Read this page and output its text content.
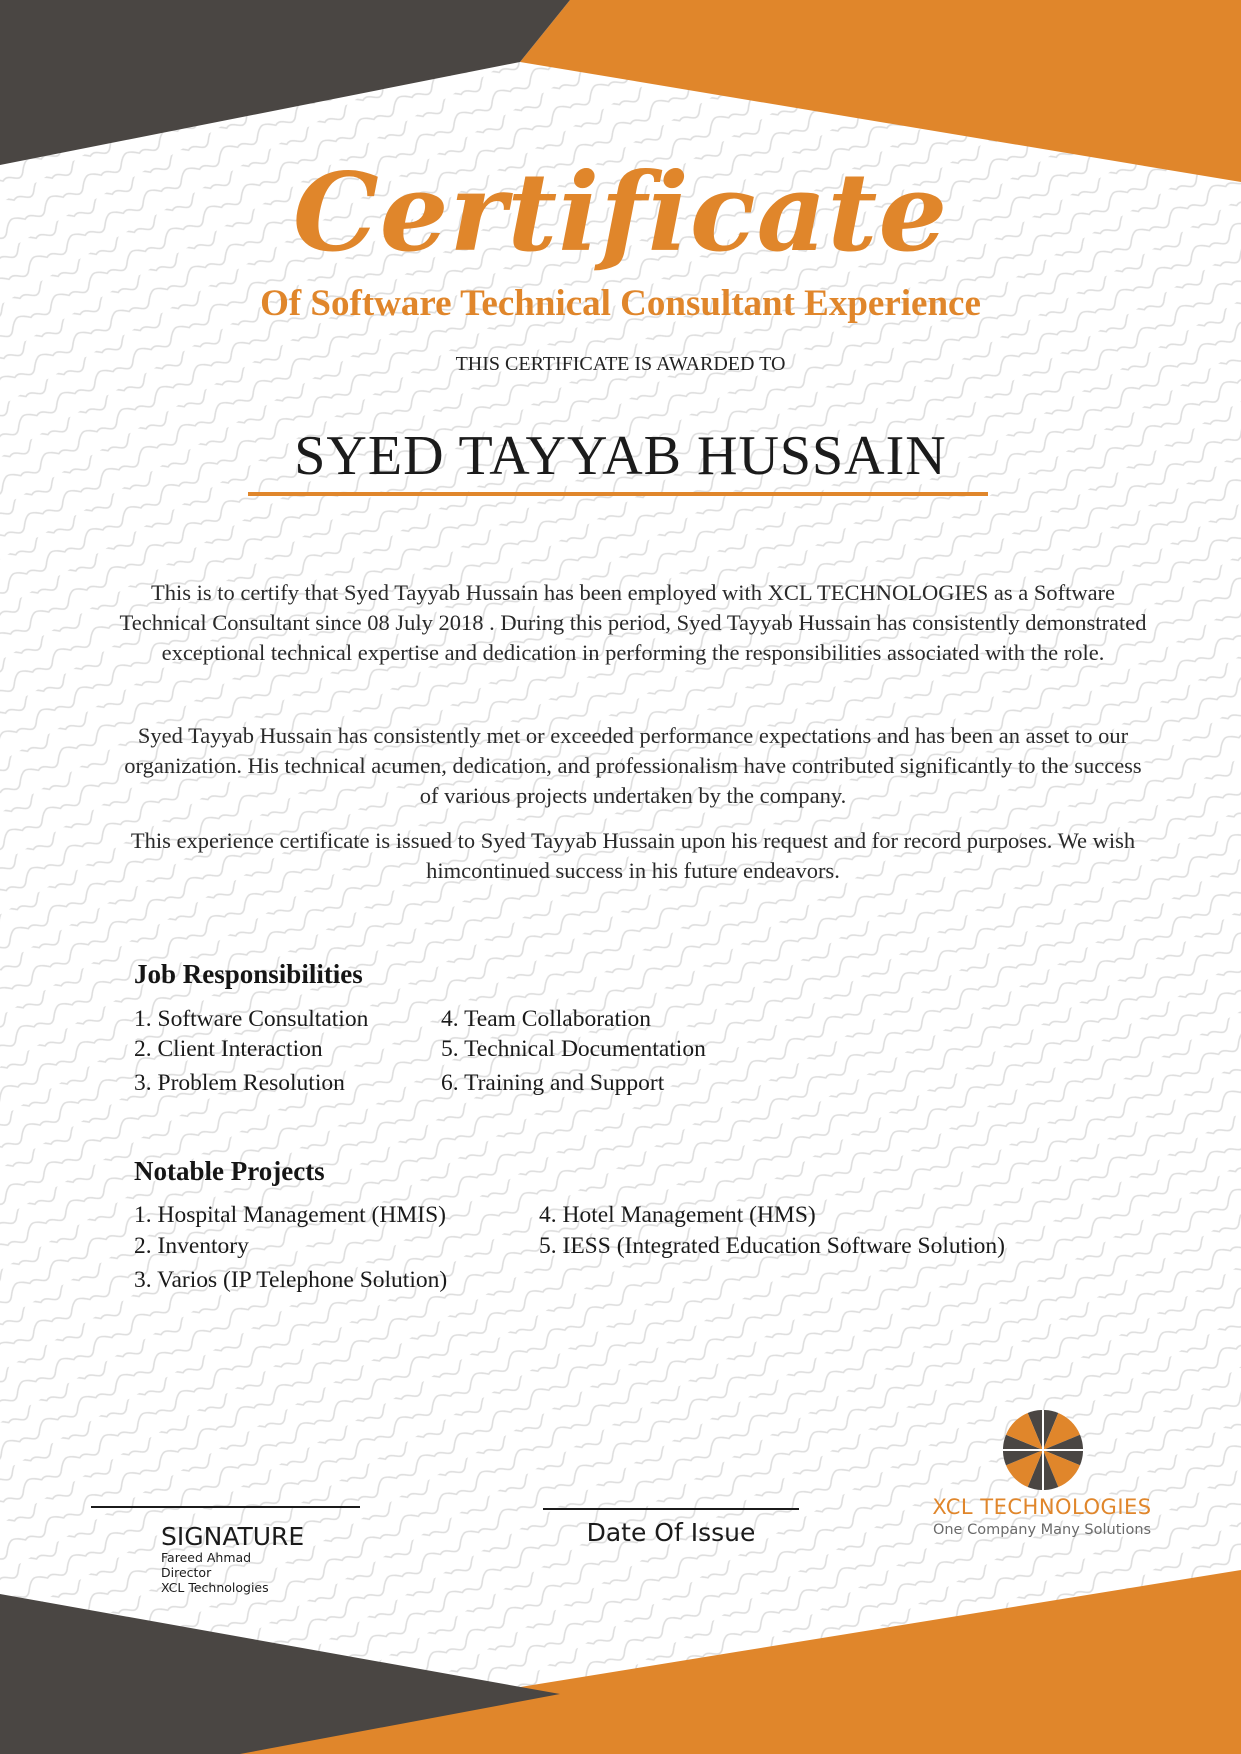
Certificate
Of Software Technical Consultant Experience
THIS CERTIFICATE IS AWARDED TO
SYED TAYYAB HUSSAIN
This is to certify that Syed Tayyab Hussain has been employed with XCL TECHNOLOGIES as a Software Technical Consultant since 08 July 2018 . During this period, Syed Tayyab Hussain has consistently demonstrated exceptional technical expertise and dedication in performing the responsibilities associated with the role.
Syed Tayyab Hussain has consistently met or exceeded performance expectations and has been an asset to our organization. His technical acumen, dedication, and professionalism have contributed significantly to the success of various projects undertaken by the company.
This experience certificate is issued to Syed Tayyab Hussain upon his request and for record purposes. We wish himcontinued success in his future endeavors.
Job Responsibilities
1. Software Consultation
2. Client Interaction
3. Problem Resolution
4. Team Collaboration
5. Technical Documentation
6. Training and Support
Notable Projects
1. Hospital Management (HMIS)
2. Inventory
3. Varios (IP Telephone Solution)
4. Hotel Management (HMS)
5. IESS (Integrated Education Software Solution)
SIGNATURE
Fareed Ahmad
Director
XCL Technologies
Date Of Issue
XCL TECHNOLOGIES
One Company Many Solutions
